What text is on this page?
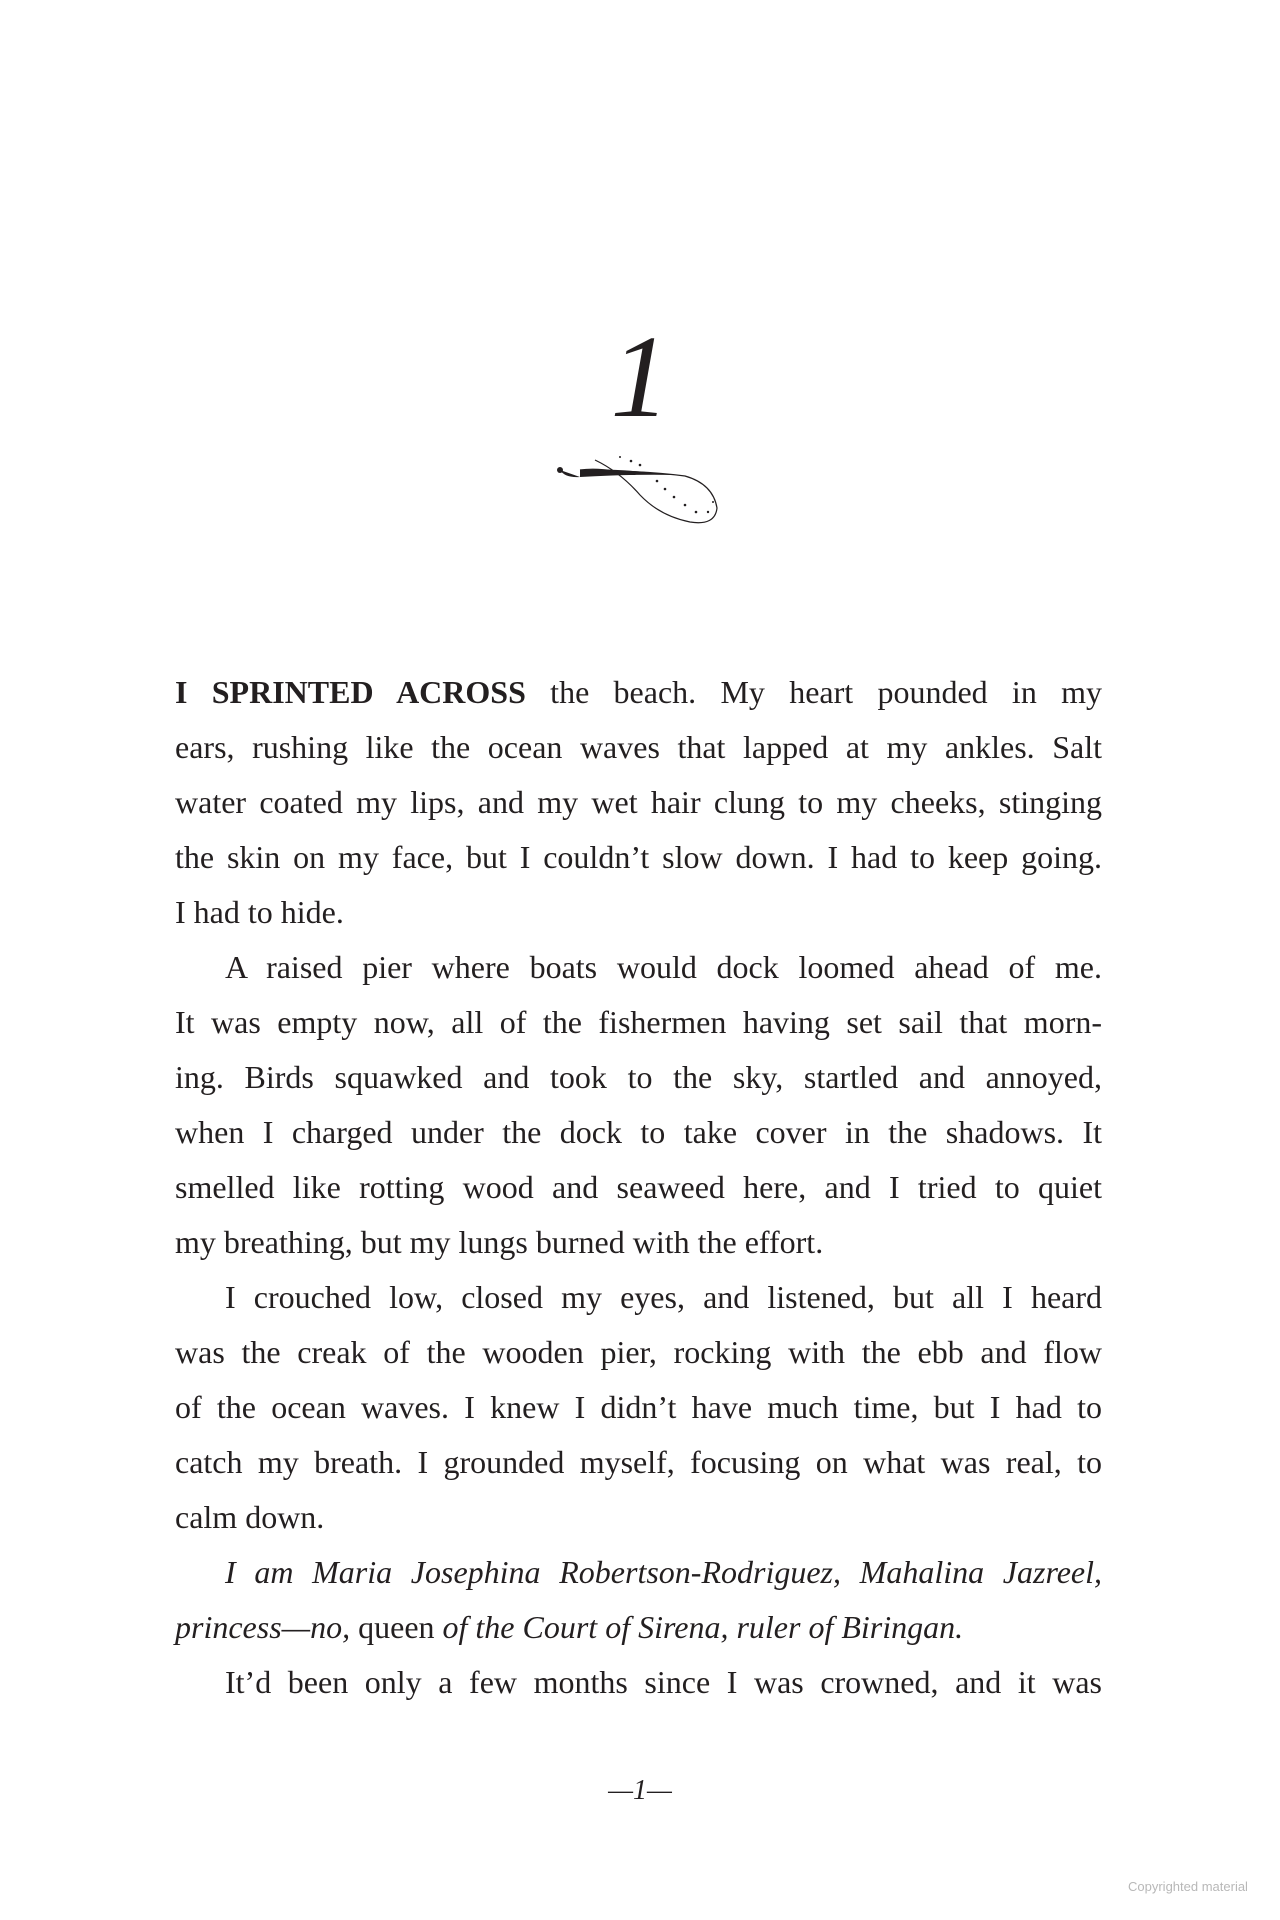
1
I SPRINTED ACROSS the beach. My heart pounded in my
ears, rushing like the ocean waves that lapped at my ankles. Salt
water coated my lips, and my wet hair clung to my cheeks, stinging
the skin on my face, but I couldn’t slow down. I had to keep going.
I had to hide.
A raised pier where boats would dock loomed ahead of me.
It was empty now, all of the fishermen having set sail that morn-
ing. Birds squawked and took to the sky, startled and annoyed,
when I charged under the dock to take cover in the shadows. It
smelled like rotting wood and seaweed here, and I tried to quiet
my breathing, but my lungs burned with the effort.
I crouched low, closed my eyes, and listened, but all I heard
was the creak of the wooden pier, rocking with the ebb and flow
of the ocean waves. I knew I didn’t have much time, but I had to
catch my breath. I grounded myself, focusing on what was real, to
calm down.
I am Maria Josephina Robertson-Rodriguez, Mahalina Jazreel,
princess—no, queen of the Court of Sirena, ruler of Biringan.
It’d been only a few months since I was crowned, and it was
—1—
Copyrighted material
